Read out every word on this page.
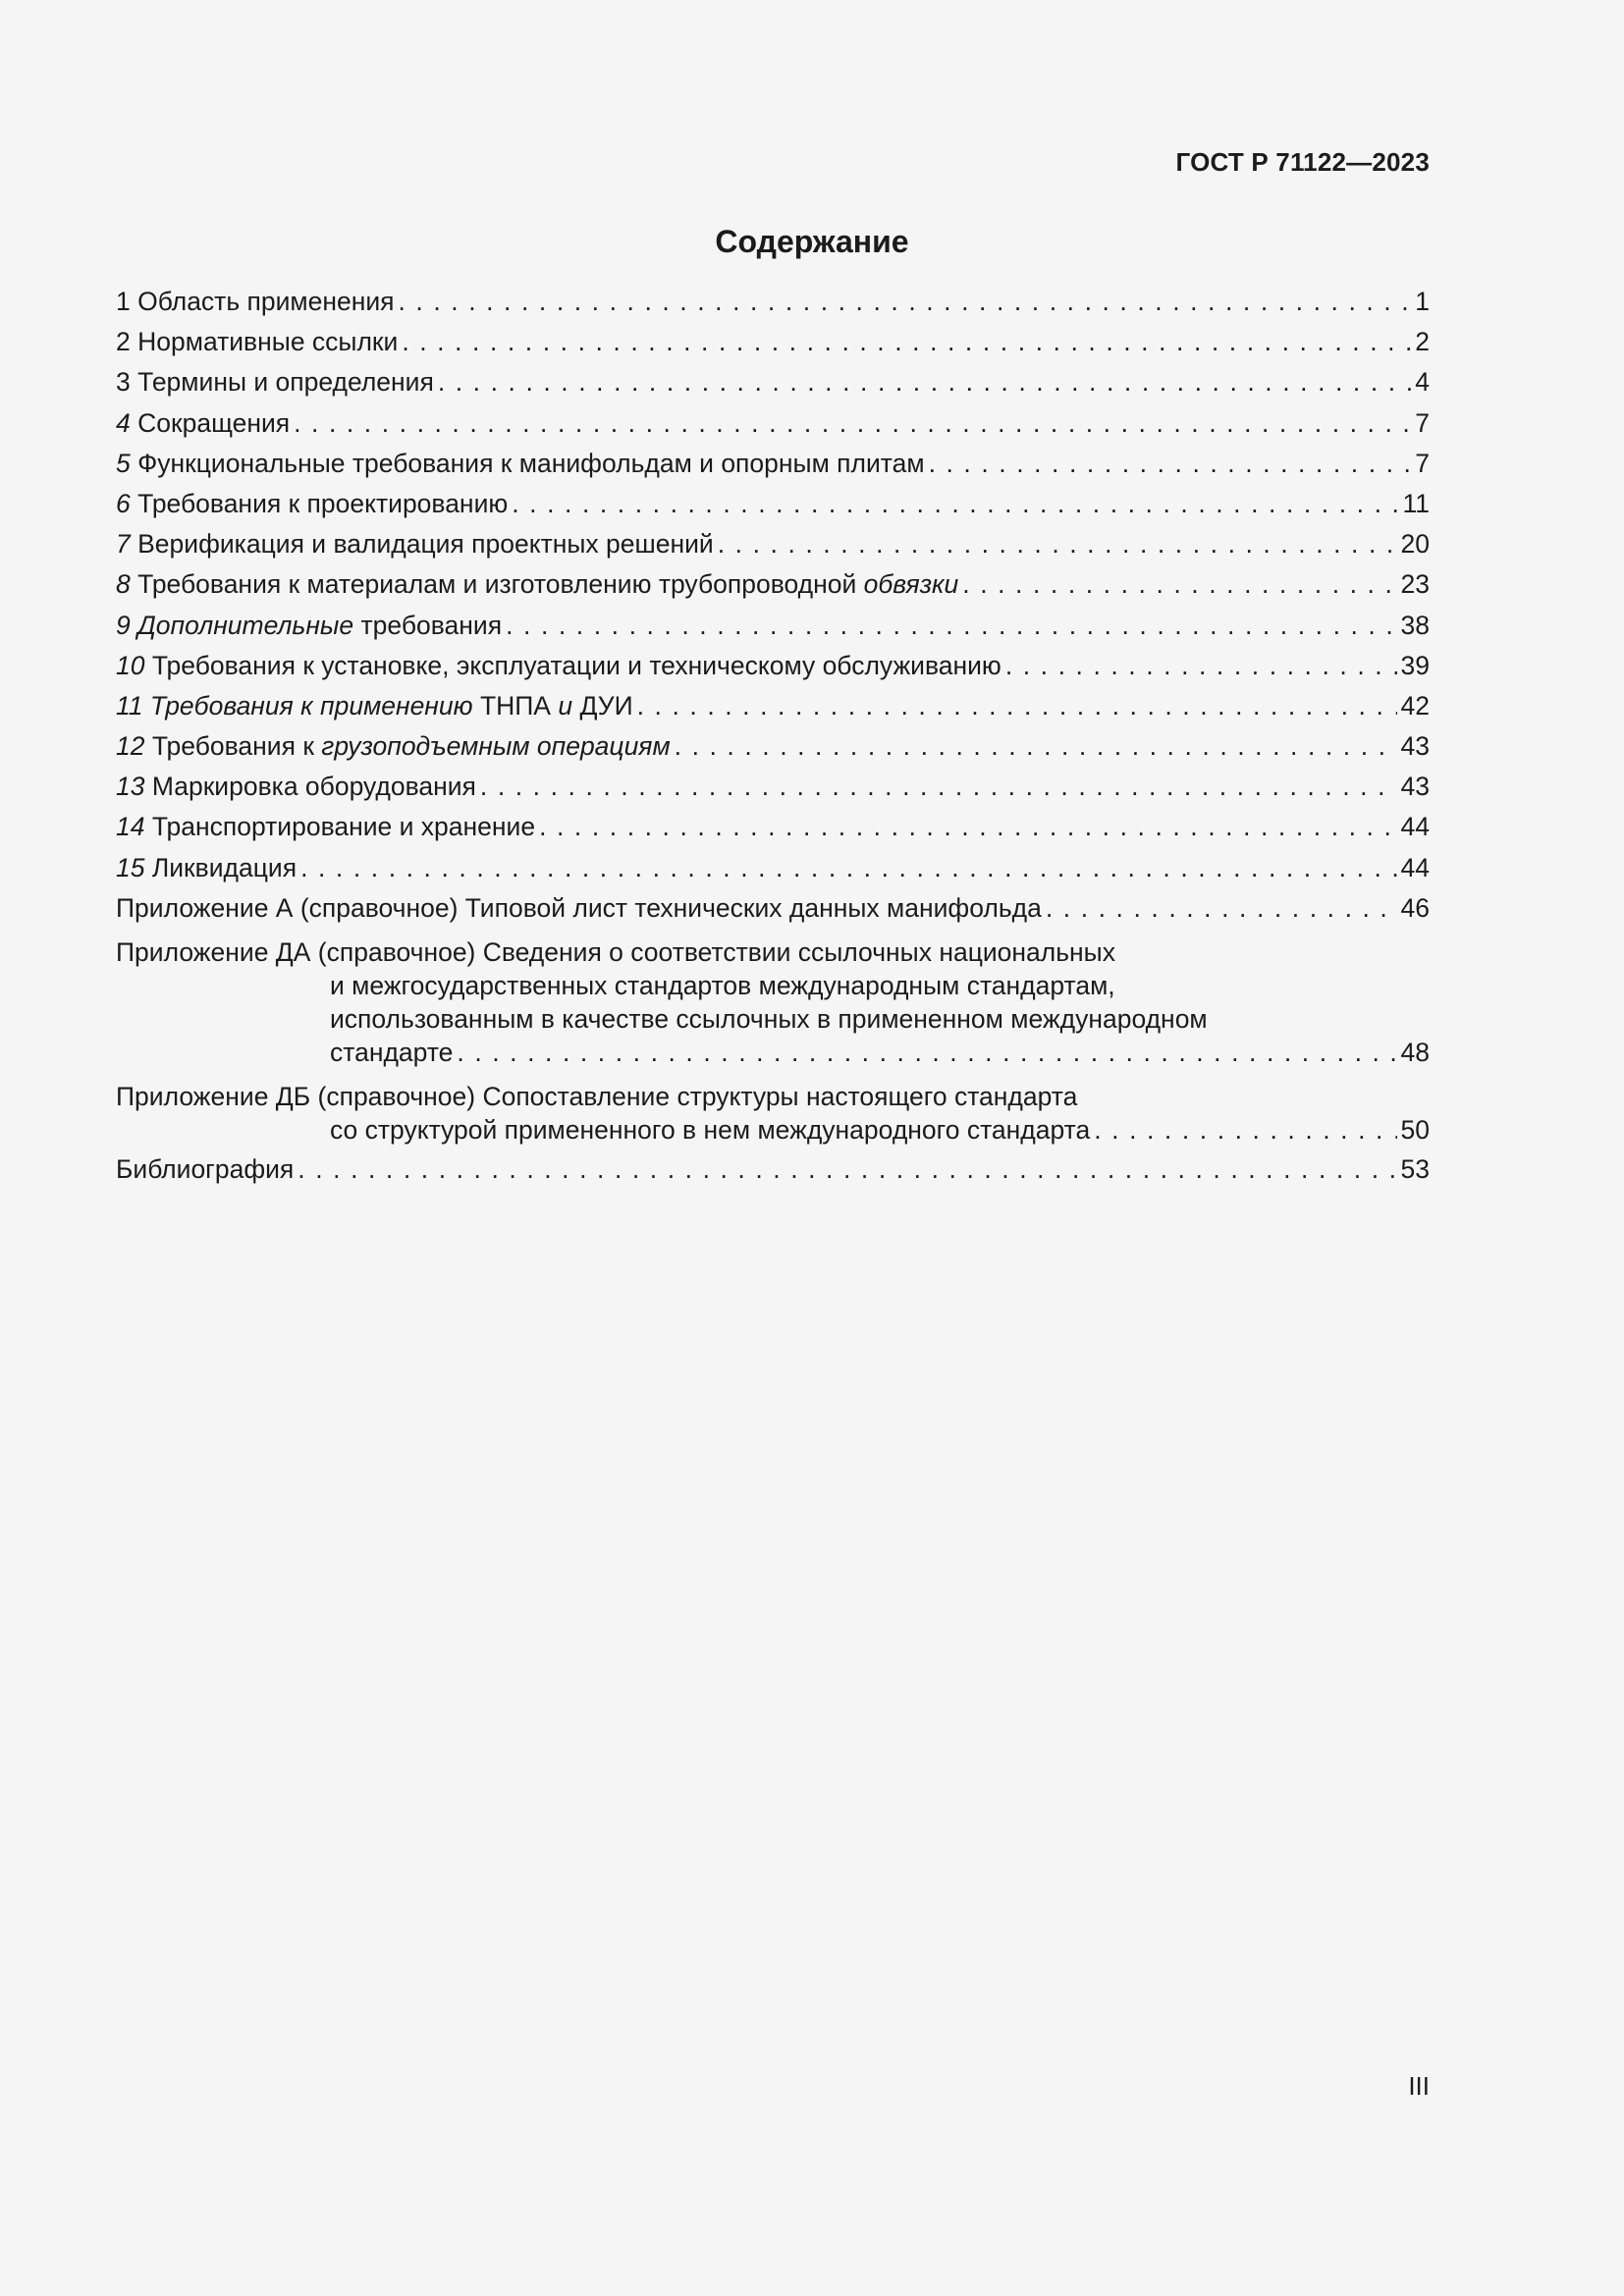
ГОСТ Р 71122—2023
Содержание
1 Область применения . . .	1
2 Нормативные ссылки . . .	2
3 Термины и определения . . .	4
4 Сокращения . . .	7
5 Функциональные требования к манифольдам и опорным плитам . . .	7
6 Требования к проектированию . . .	11
7 Верификация и валидация проектных решений . . .	20
8 Требования к материалам и изготовлению трубопроводной обвязки . . .	23
9 Дополнительные требования . . .	38
10 Требования к установке, эксплуатации и техническому обслуживанию . . .	39
11 Требования к применению ТНПА и ДУИ . . .	42
12 Требования к грузоподъемным операциям . . .	43
13 Маркировка оборудования . . .	43
14 Транспортирование и хранение . . .	44
15 Ликвидация . . .	44
Приложение А (справочное) Типовой лист технических данных манифольда . . .	46
Приложение ДА
(справочное) Сведения о соответствии ссылочных национальных
и межгосударственных стандартов международным стандартам,
использованным в качестве ссылочных в примененном международном
стандарте . . .	48
Приложение ДБ
(справочное) Сопоставление структуры настоящего стандарта
со структурой примененного в нем международного стандарта . . .	50
Библиография . . .	53
III
